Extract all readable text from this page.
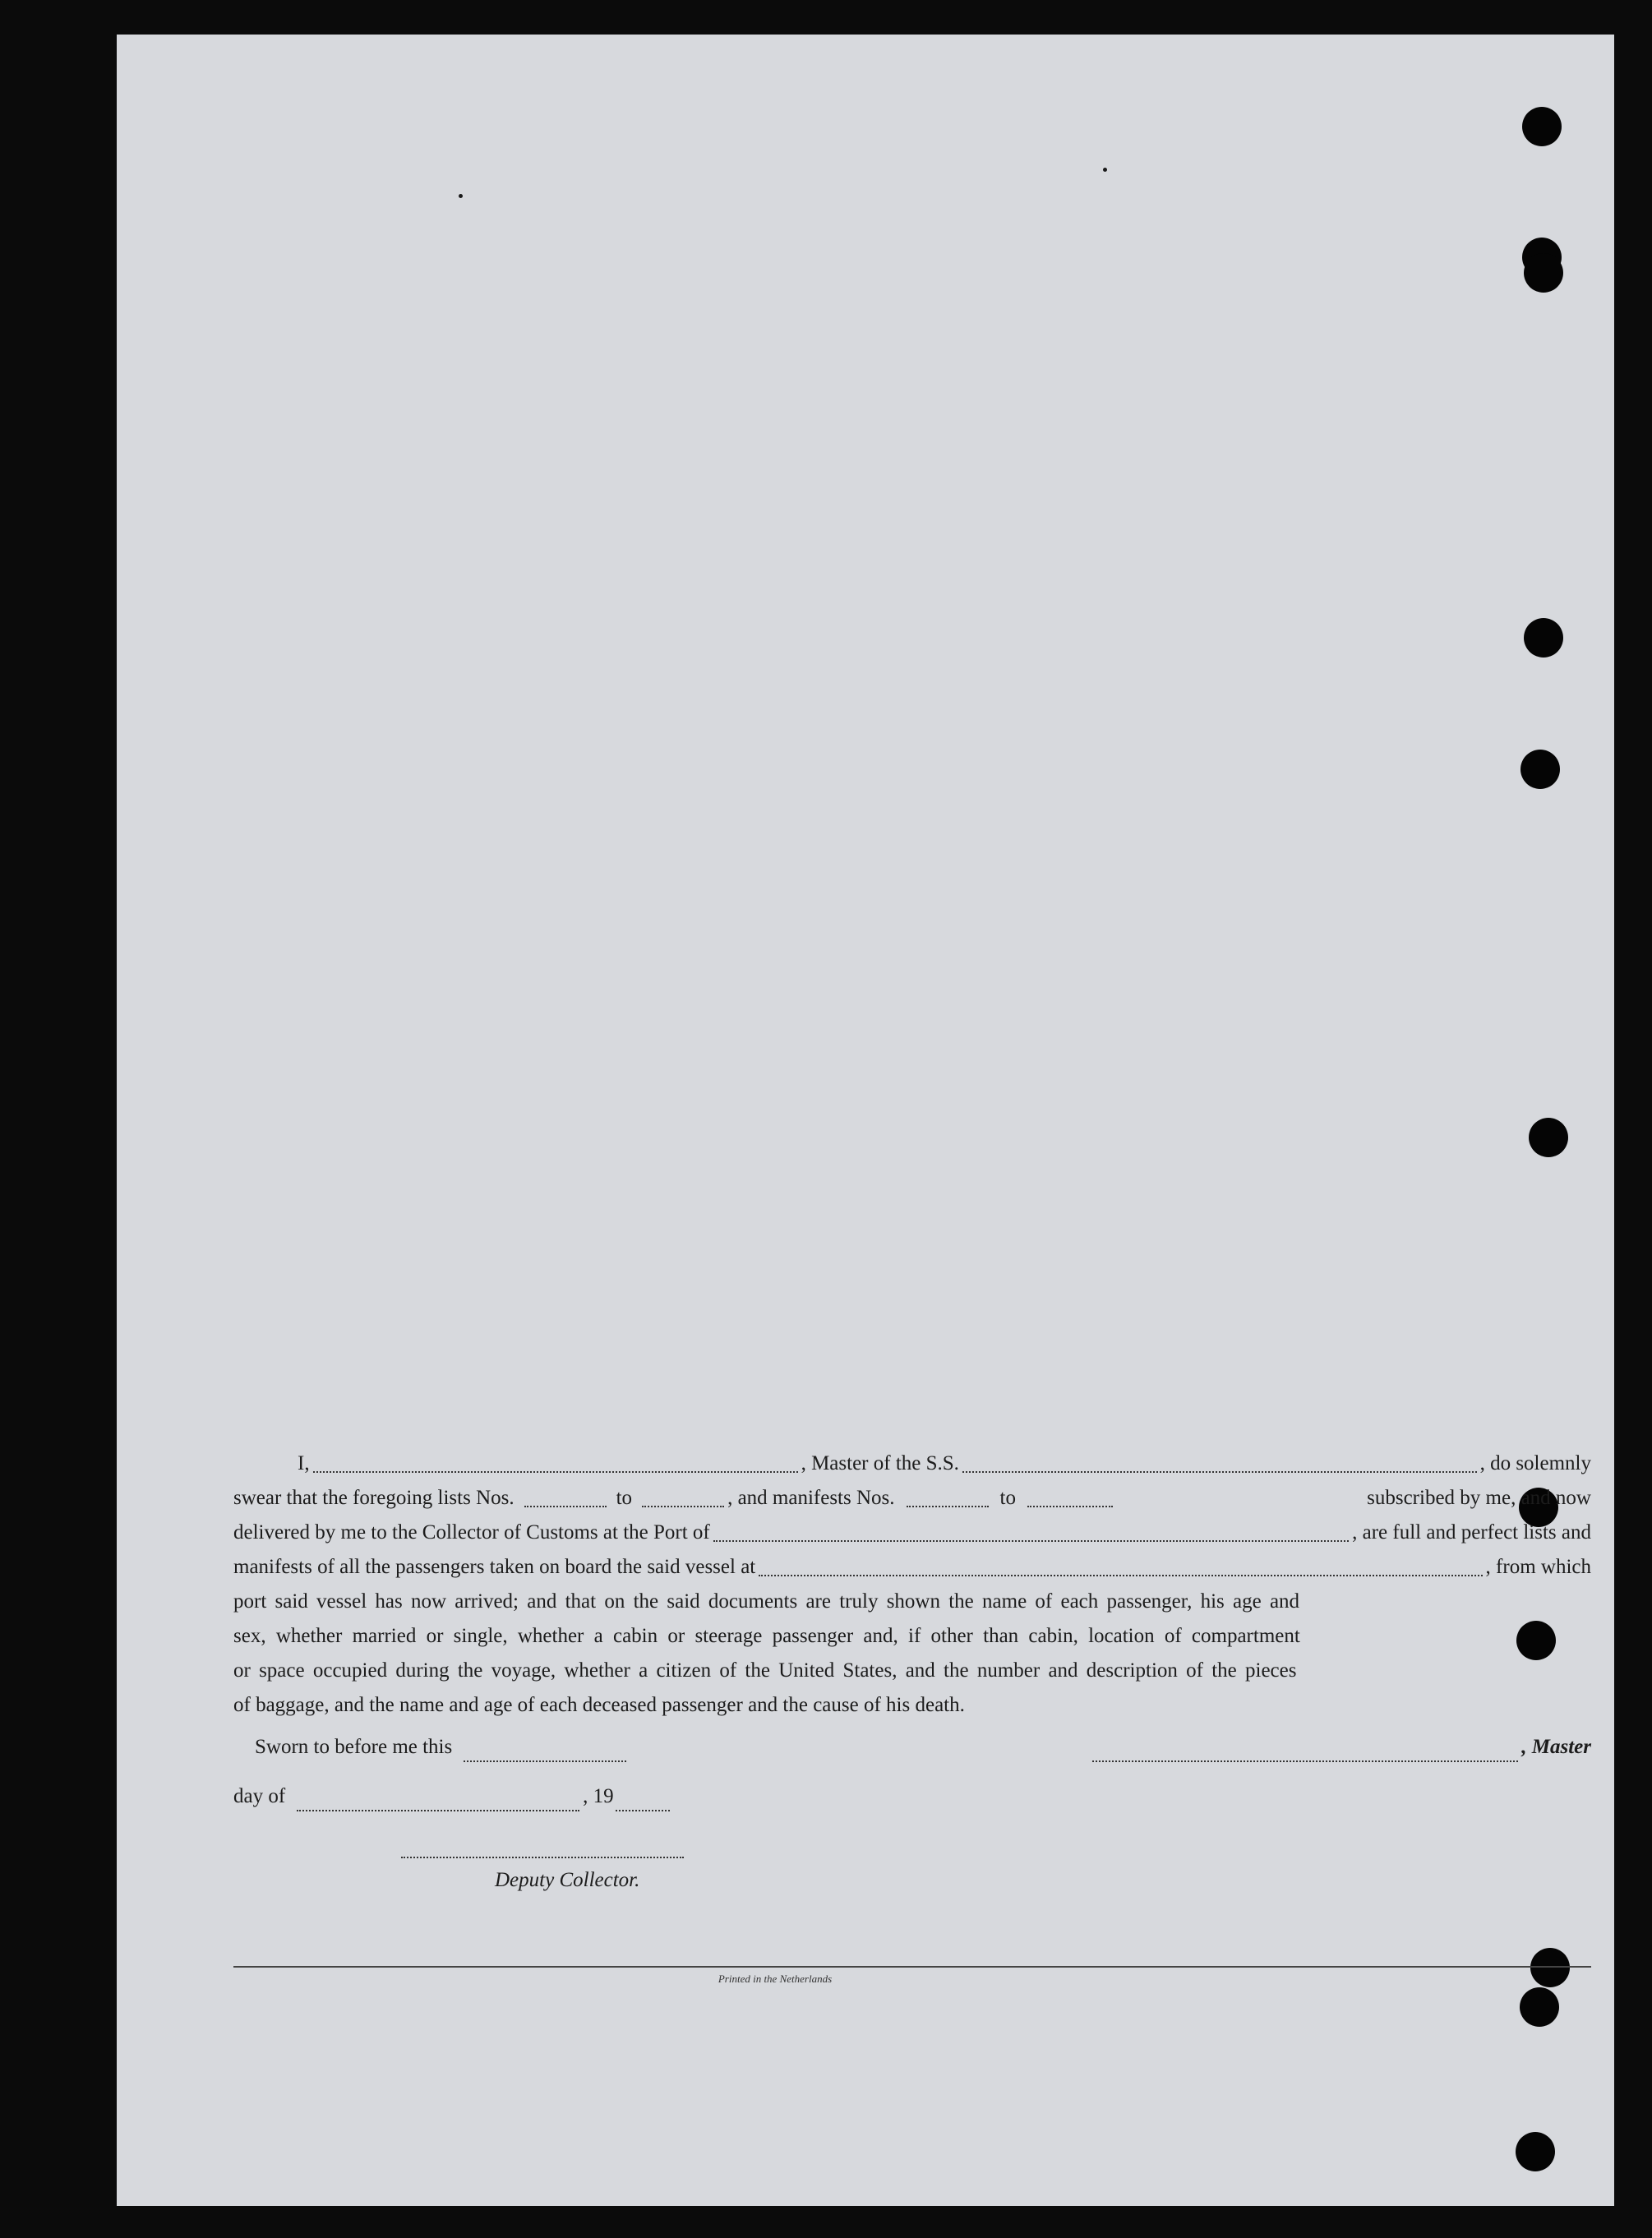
I,	, Master of the S.S.	, do solemnly
swear that the foregoing lists Nos.	to	, and manifests Nos.	to	subscribed by me, and now
delivered by me to the Collector of Customs at the Port of	, are full and perfect lists and
manifests of all the passengers taken on board the said vessel at	, from which
port said vessel has now arrived; and that on the said documents are truly shown the name of each passenger, his age and
sex, whether married or single, whether a cabin or steerage passenger and, if other than cabin, location of compartment
or space occupied during the voyage, whether a citizen of the United States, and the number and description of the pieces
of baggage, and the name and age of each deceased passenger and the cause of his death.
Sworn to before me this	, Master
day of	, 19
Deputy Collector.
Printed in the Netherlands
